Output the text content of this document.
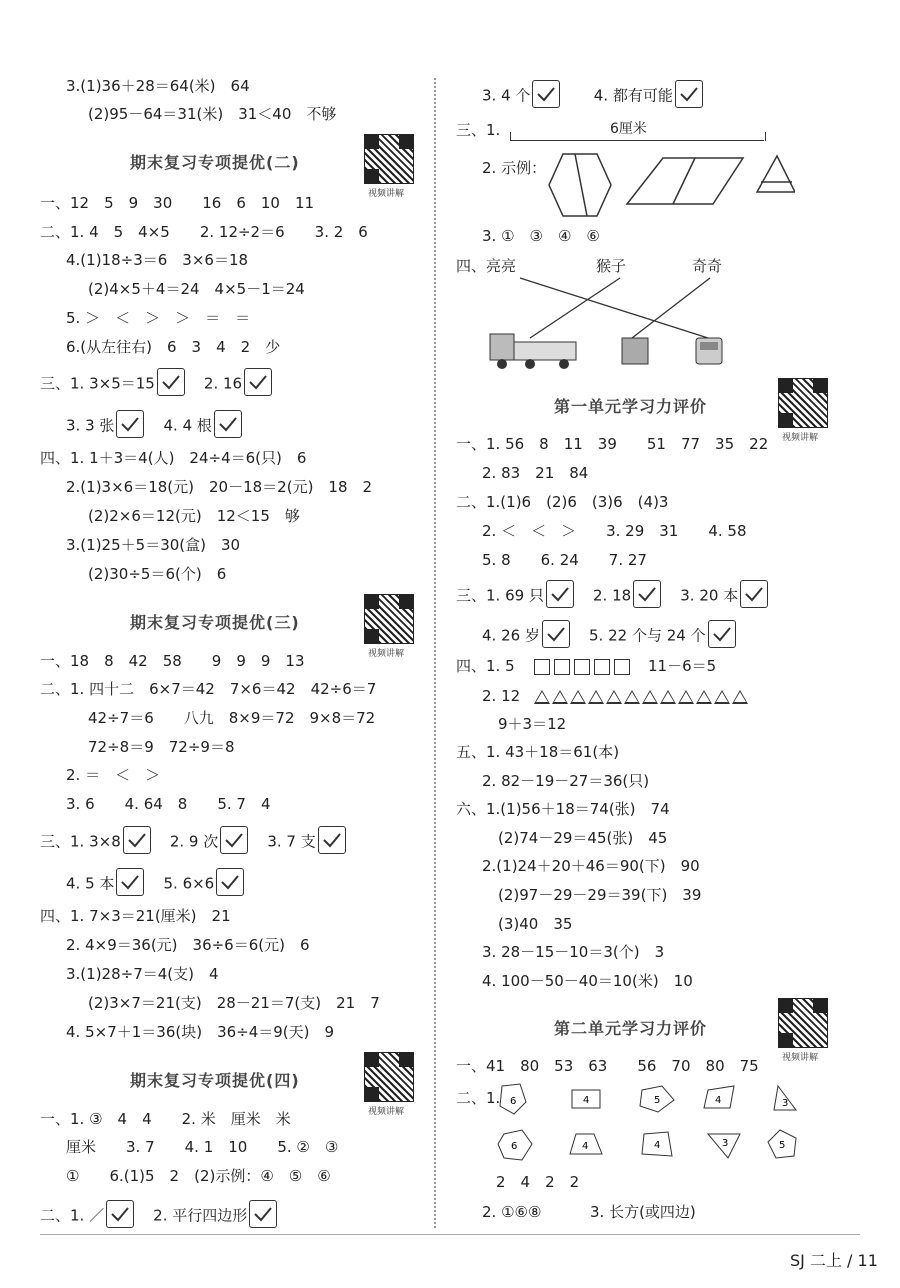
3.(1)36＋28＝64(米)　64
(2)95－64＝31(米)　31＜40　不够
期末复习专项提优(二)
视频讲解
一、12　5　9　30　　16　6　10　11
二、1. 4　5　4×5　　2. 12÷2＝6　　3. 2　6
4.(1)18÷3＝6　3×6＝18
(2)4×5＋4＝24　4×5－1＝24
5. ＞　＜　＞　＞　＝　＝
6.(从左往右)　6　3　4　2　少
三、1. 3×5＝15	2. 16
3. 3 张	4. 4 根
四、1. 1＋3＝4(人)　24÷4＝6(只)　6
2.(1)3×6＝18(元)　20－18＝2(元)　18　2
(2)2×6＝12(元)　12＜15　够
3.(1)25＋5＝30(盒)　30
(2)30÷5＝6(个)　6
期末复习专项提优(三)
视频讲解
一、18　8　42　58　　9　9　9　13
二、1. 四十二　6×7＝42　7×6＝42　42÷6＝7
42÷7＝6　　八九　8×9＝72　9×8＝72
72÷8＝9　72÷9＝8
2. ＝　＜　＞
3. 6　　4. 64　8　　5. 7　4
三、1. 3×8	2. 9 次	3. 7 支
4. 5 本	5. 6×6
四、1. 7×3＝21(厘米)　21
2. 4×9＝36(元)　36÷6＝6(元)　6
3.(1)28÷7＝4(支)　4
(2)3×7＝21(支)　28－21＝7(支)　21　7
4. 5×7＋1＝36(块)　36÷4＝9(天)　9
期末复习专项提优(四)
视频讲解
一、1. ③　4　4　　2. 米　厘米　米
厘米　　3. 7　　4. 1　10　　5. ②　③
①　　6.(1)5　2　(2)示例：④　⑤　⑥
二、1. ／	2. 平行四边形
3. 4 个	4. 都有可能
三、1.	6厘米
2. 示例：
3. ①　③　④　⑥
四、亮亮	猴子	奇奇
第一单元学习力评价
视频讲解
一、1. 56　8　11　39　　51　77　35　22
2. 83　21　84
二、1.(1)6　(2)6　(3)6　(4)3
2. ＜　＜　＞　　3. 29　31　　4. 58
5. 8　　6. 24　　7. 27
三、1. 69 只	2. 18	3. 20 本
4. 26 岁	5. 22 个与 24 个
四、1. 5	11－6＝5
2. 12
9＋3＝12
五、1. 43＋18＝61(本)
2. 82－19－27＝36(只)
六、1.(1)56＋18＝74(张)　74
(2)74－29＝45(张)　45
2.(1)24＋20＋46＝90(下)　90
(2)97－29－29＝39(下)　39
(3)40　35
3. 28－15－10＝3(个)　3
4. 100－50－40＝10(米)　10
第二单元学习力评价
视频讲解
一、41　80　53　63　　56　70　80　75
二、1. 6	4	5	4	3
6	4	4	3	5
2　4　2　2
2. ①⑥⑧	3. 长方(或四边)
SJ 二上 / 11
